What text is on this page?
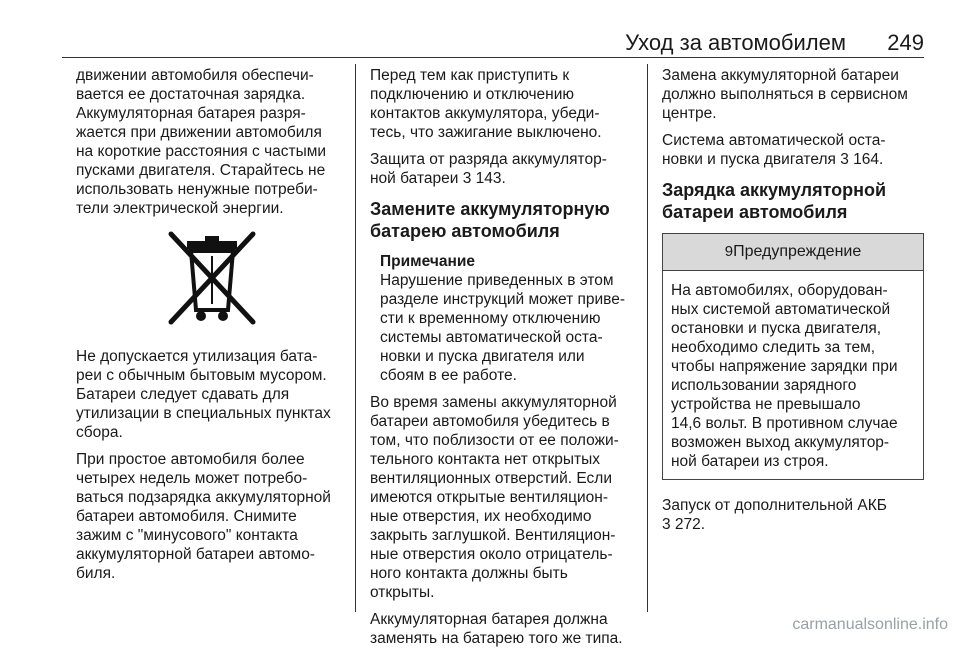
Уход за автомобилем 249

движении автомобиля обеспечи-
вается ее достаточная зарядка.
Аккумуляторная батарея разря-
жается при движении автомобиля
на короткие расстояния с частыми
пусками двигателя. Старайтесь не
использовать ненужные потреби-
тели электрической энергии.

Не допускается утилизация бата-
реи с обычным бытовым мусором.
Батареи следует сдавать для
утилизации в специальных пунктах
сбора.

При простое автомобиля более
четырех недель может потребо-
ваться подзарядка аккумуляторной
батареи автомобиля. Снимите
зажим с "минусового" контакта
аккумуляторной батареи автомо-
биля.

Перед тем как приступить к
подключению и отключению
контактов аккумулятора, убеди-
тесь, что зажигание выключено.

Защита от разряда аккумулятор-
ной батареи 3 143.

Замените аккумуляторную
батарею автомобиля
Примечание
Нарушение приведенных в этом
разделе инструкций может приве-
сти к временному отключению
системы автоматической оста-
новки и пуска двигателя или
сбоям в ее работе.

Во время замены аккумуляторной
батареи автомобиля убедитесь в
том, что поблизости от ее положи-
тельного контакта нет открытых
вентиляционных отверстий. Если
имеются открытые вентиляцион-
ные отверстия, их необходимо
закрыть заглушкой. Вентиляцион-
ные отверстия около отрицатель-
ного контакта должны быть
открыты.

Аккумуляторная батарея должна
заменять на батарею того же типа.

Замена аккумуляторной батареи
должно выполняться в сервисном
центре.

Система автоматической оста-
новки и пуска двигателя 3 164.

Зарядка аккумуляторной
батареи автомобиля
9Предупреждение
На автомобилях, оборудован-
ных системой автоматической
остановки и пуска двигателя,
необходимо следить за тем,
чтобы напряжение зарядки при
использовании зарядного
устройства не превышало
14,6 вольт. В противном случае
возможен выход аккумулятор-
ной батареи из строя.

Запуск от дополнительной АКБ
3 272.

carmanualsonline.info
